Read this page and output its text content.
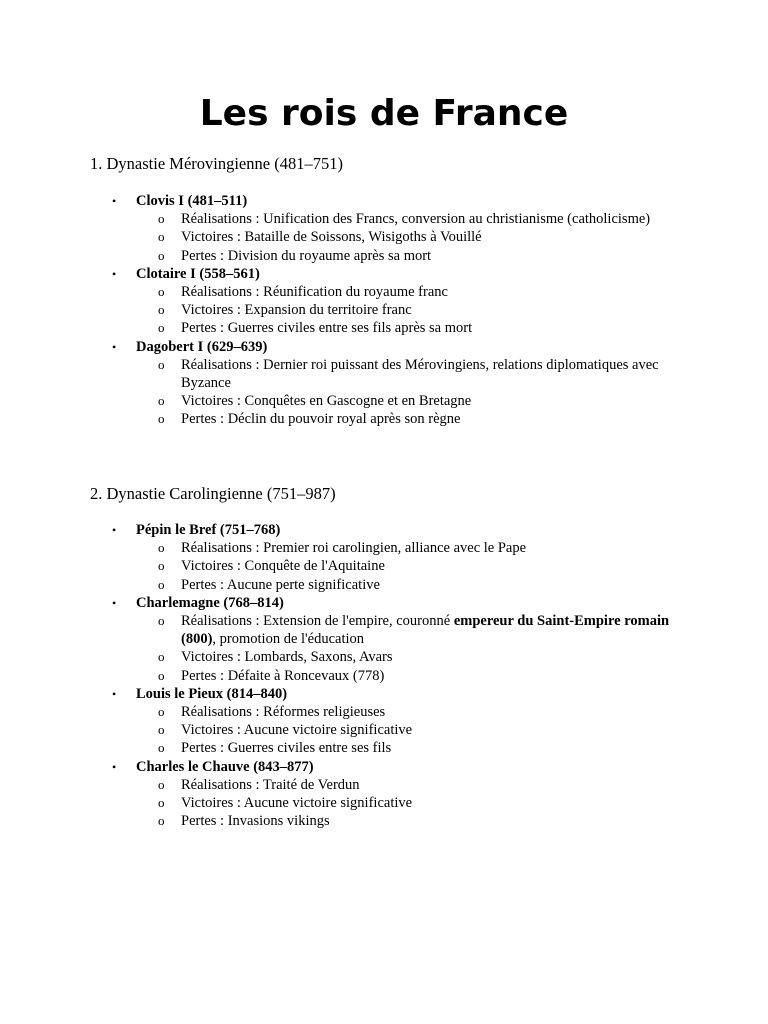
Les rois de France
1. Dynastie Mérovingienne (481–751)
•	Clovis I (481–511)
o	Réalisations : Unification des Francs, conversion au christianisme (catholicisme)
o	Victoires : Bataille de Soissons, Wisigoths à Vouillé
o	Pertes : Division du royaume après sa mort
•	Clotaire I (558–561)
o	Réalisations : Réunification du royaume franc
o	Victoires : Expansion du territoire franc
o	Pertes : Guerres civiles entre ses fils après sa mort
•	Dagobert I (629–639)
o	Réalisations : Dernier roi puissant des Mérovingiens, relations diplomatiques avec Byzance
o	Victoires : Conquêtes en Gascogne et en Bretagne
o	Pertes : Déclin du pouvoir royal après son règne
2. Dynastie Carolingienne (751–987)
•	Pépin le Bref (751–768)
o	Réalisations : Premier roi carolingien, alliance avec le Pape
o	Victoires : Conquête de l'Aquitaine
o	Pertes : Aucune perte significative
•	Charlemagne (768–814)
o	Réalisations : Extension de l'empire, couronné empereur du Saint-Empire romain (800), promotion de l'éducation
o	Victoires : Lombards, Saxons, Avars
o	Pertes : Défaite à Roncevaux (778)
•	Louis le Pieux (814–840)
o	Réalisations : Réformes religieuses
o	Victoires : Aucune victoire significative
o	Pertes : Guerres civiles entre ses fils
•	Charles le Chauve (843–877)
o	Réalisations : Traité de Verdun
o	Victoires : Aucune victoire significative
o	Pertes : Invasions vikings
